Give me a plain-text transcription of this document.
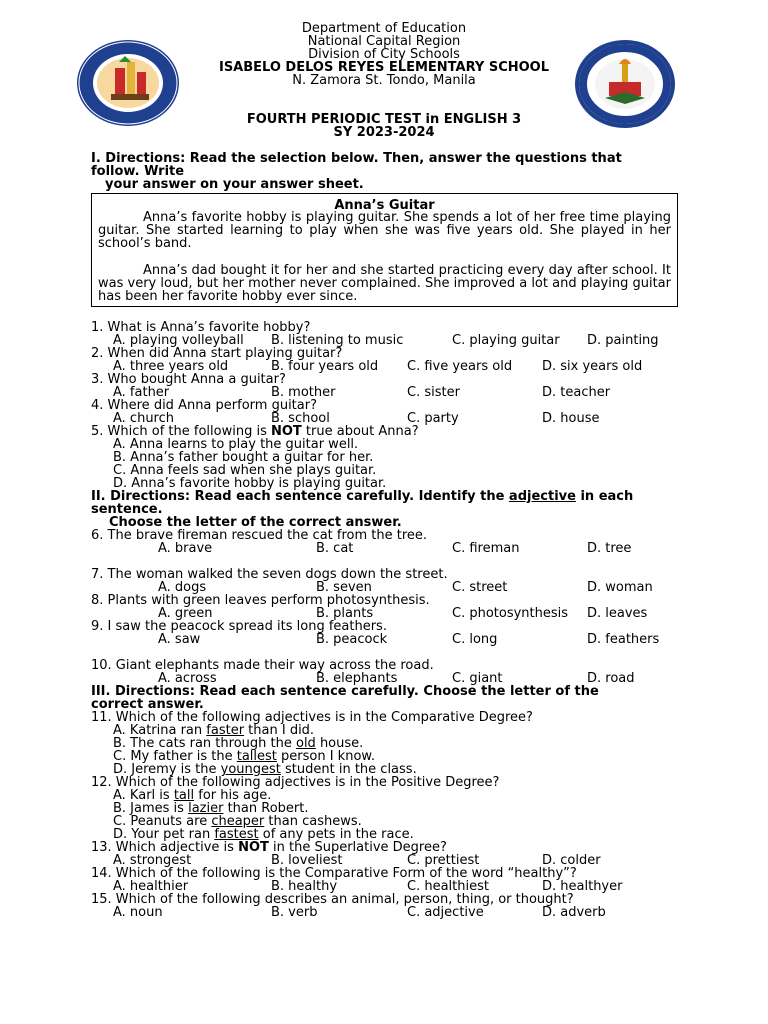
Department of Education
National Capital Region
Division of City Schools
ISABELO DELOS REYES ELEMENTARY SCHOOL
N. Zamora St. Tondo, Manila
FOURTH PERIODIC TEST in ENGLISH 3
SY 2023-2024
I. Directions: Read the selection below. Then, answer the questions that
follow. Write
your answer on your answer sheet.
Anna’s Guitar
Anna’s favorite hobby is playing guitar. She spends a lot of her free time playing guitar. She started learning to play when she was five years old. She played in her school’s band.
Anna’s dad bought it for her and she started practicing every day after school. It was very loud, but her mother never complained. She improved a lot and playing guitar has been her favorite hobby ever since.
1. What is Anna’s favorite hobby?
A. playing volleyball B. listening to music	C. playing guitar D. painting
2. When did Anna start playing guitar?
A. three years old	B. four years old C. five years old D. six years old
3. Who bought Anna a guitar?
A. father	B. mother	C. sister	D. teacher
4. Where did Anna perform guitar?
A. church	B. school	C. party	D. house
5. Which of the following is NOT true about Anna?
A. Anna learns to play the guitar well.
B. Anna’s father bought a guitar for her.
C. Anna feels sad when she plays guitar.
D. Anna’s favorite hobby is playing guitar.
II. Directions: Read each sentence carefully. Identify the adjective in each
sentence.
Choose the letter of the correct answer.
6. The brave fireman rescued the cat from the tree.
A. brave	B. cat	C. fireman	D. tree
7. The woman walked the seven dogs down the street.
A. dogs	B. seven	C. street	D. woman
8. Plants with green leaves perform photosynthesis.
A. green	B. plants	C. photosynthesis D. leaves
9. I saw the peacock spread its long feathers.
A. saw	B. peacock	C. long	D. feathers
10. Giant elephants made their way across the road.
A. across	B. elephants	C. giant	D. road
III. Directions: Read each sentence carefully. Choose the letter of the
correct answer.
11. Which of the following adjectives is in the Comparative Degree?
A. Katrina ran faster than I did.
B. The cats ran through the old house.
C. My father is the tallest person I know.
D. Jeremy is the youngest student in the class.
12. Which of the following adjectives is in the Positive Degree?
A. Karl is tall for his age.
B. James is lazier than Robert.
C. Peanuts are cheaper than cashews.
D. Your pet ran fastest of any pets in the race.
13. Which adjective is NOT in the Superlative Degree?
A. strongest	B. loveliest	C. prettiest	D. colder
14. Which of the following is the Comparative Form of the word “healthy”?
A. healthier	B. healthy	C. healthiest	D. healthyer
15. Which of the following describes an animal, person, thing, or thought?
A. noun	B. verb	C. adjective	D. adverb
